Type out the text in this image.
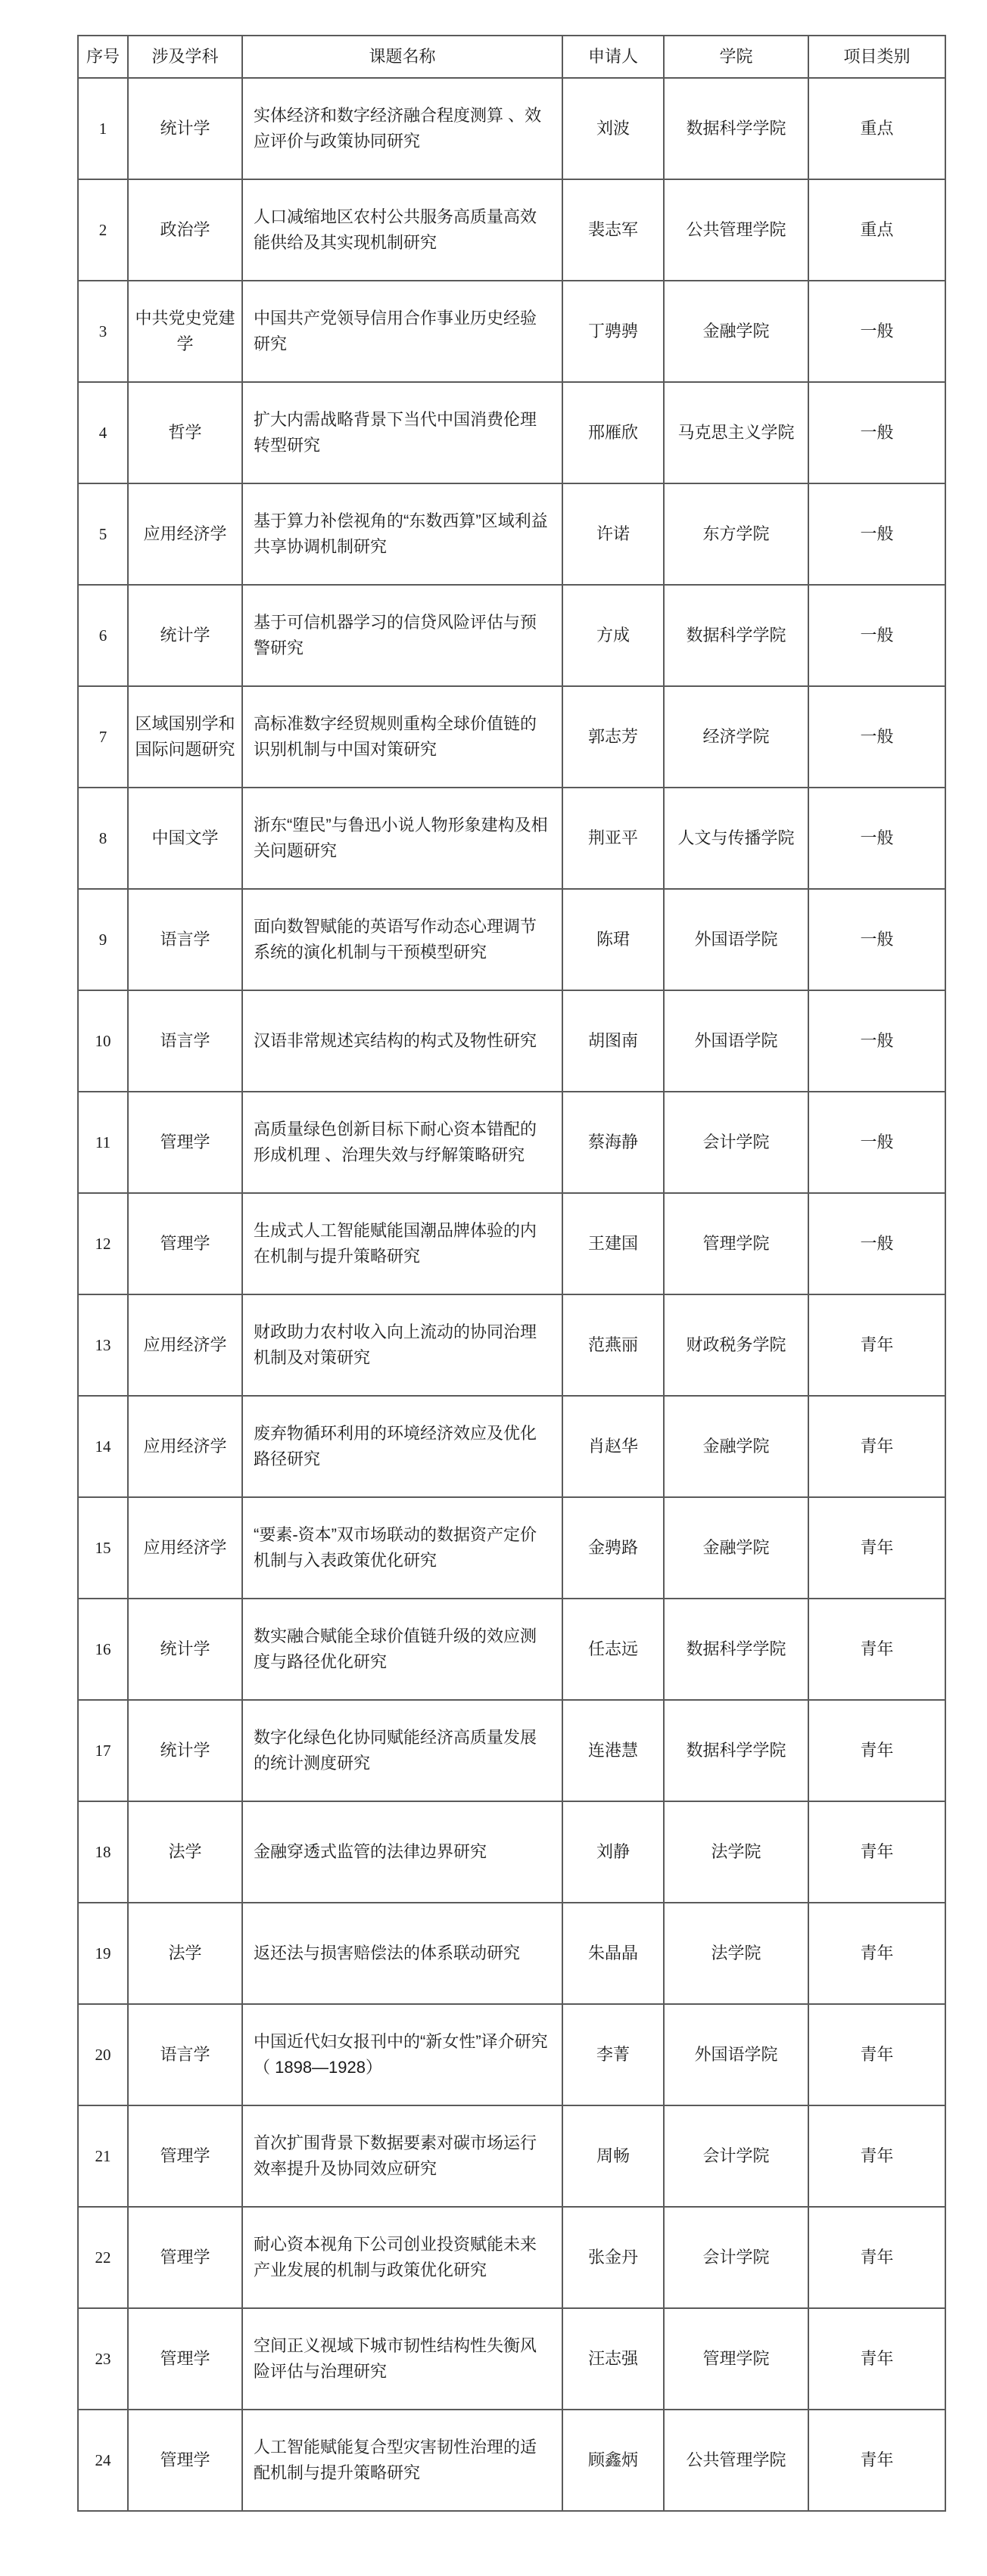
序号	涉及学科	课题名称	申请人	学院	项目类别
1	统计学	实体经济和数字经济融合程度测算 、效应评价与政策协同研究	刘波	数据科学学院	重点
2	政治学	人口减缩地区农村公共服务高质量高效能供给及其实现机制研究	裴志军	公共管理学院	重点
3	中共党史党建学	中国共产党领导信用合作事业历史经验研究	丁骋骋	金融学院	一般
4	哲学	扩大内需战略背景下当代中国消费伦理转型研究	邢雁欣	马克思主义学院	一般
5	应用经济学	基于算力补偿视角的“东数西算”区域利益共享协调机制研究	许诺	东方学院	一般
6	统计学	基于可信机器学习的信贷风险评估与预警研究	方成	数据科学学院	一般
7	区域国别学和国际问题研究	高标准数字经贸规则重构全球价值链的识别机制与中国对策研究	郭志芳	经济学院	一般
8	中国文学	浙东“堕民”与鲁迅小说人物形象建构及相关问题研究	荆亚平	人文与传播学院	一般
9	语言学	面向数智赋能的英语写作动态心理调节系统的演化机制与干预模型研究	陈珺	外国语学院	一般
10	语言学	汉语非常规述宾结构的构式及物性研究	胡图南	外国语学院	一般
11	管理学	高质量绿色创新目标下耐心资本错配的形成机理 、治理失效与纾解策略研究	蔡海静	会计学院	一般
12	管理学	生成式人工智能赋能国潮品牌体验的内在机制与提升策略研究	王建国	管理学院	一般
13	应用经济学	财政助力农村收入向上流动的协同治理机制及对策研究	范燕丽	财政税务学院	青年
14	应用经济学	废弃物循环利用的环境经济效应及优化路径研究	肖赵华	金融学院	青年
15	应用经济学	“要素-资本”双市场联动的数据资产定价机制与入表政策优化研究	金骋路	金融学院	青年
16	统计学	数实融合赋能全球价值链升级的效应测度与路径优化研究	任志远	数据科学学院	青年
17	统计学	数字化绿色化协同赋能经济高质量发展的统计测度研究	连港慧	数据科学学院	青年
18	法学	金融穿透式监管的法律边界研究	刘静	法学院	青年
19	法学	返还法与损害赔偿法的体系联动研究	朱晶晶	法学院	青年
20	语言学	中国近代妇女报刊中的“新女性”译介研究 （ 1898—1928）	李菁	外国语学院	青年
21	管理学	首次扩围背景下数据要素对碳市场运行效率提升及协同效应研究	周畅	会计学院	青年
22	管理学	耐心资本视角下公司创业投资赋能未来产业发展的机制与政策优化研究	张金丹	会计学院	青年
23	管理学	空间正义视域下城市韧性结构性失衡风险评估与治理研究	汪志强	管理学院	青年
24	管理学	人工智能赋能复合型灾害韧性治理的适配机制与提升策略研究	顾鑫炳	公共管理学院	青年
